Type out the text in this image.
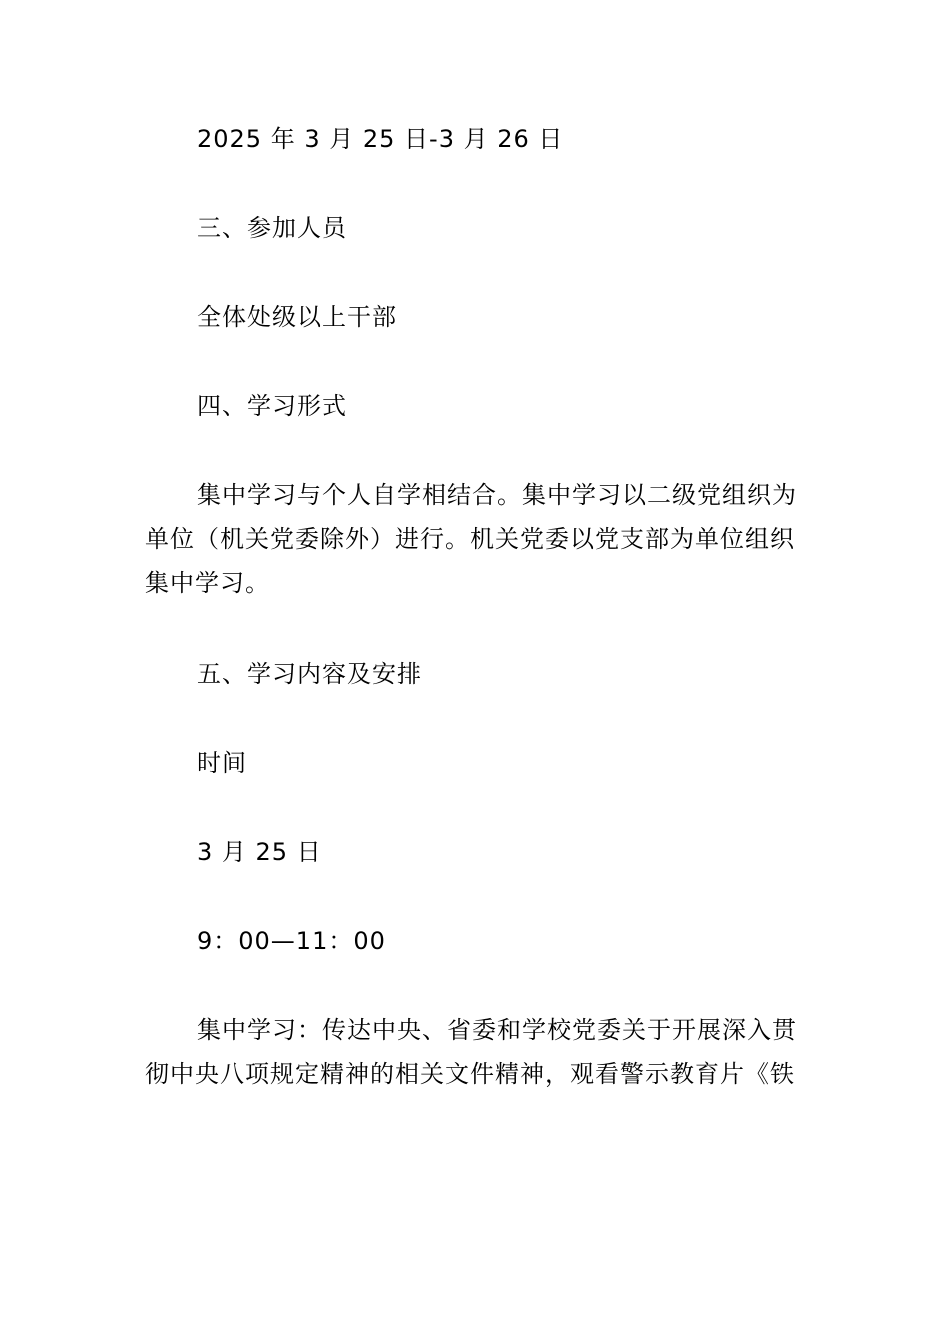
2025 年 3 月 25 日-3 月 26 日

三、参加人员

全体处级以上干部

四、学习形式

集中学习与个人自学相结合。集中学习以二级党组织为单位（机关党委除外）进行。机关党委以党支部为单位组织集中学习。

五、学习内容及安排

时间

3 月 25 日

9：00—11：00

集中学习：传达中央、省委和学校党委关于开展深入贯彻中央八项规定精神的相关文件精神，观看警示教育片《铁
